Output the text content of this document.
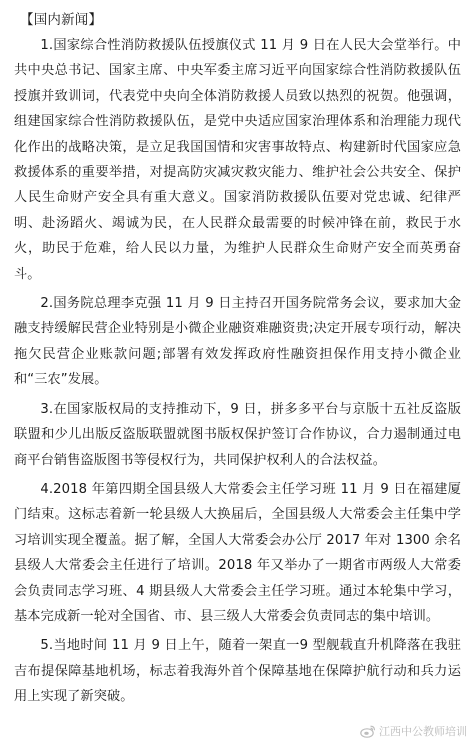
【国内新闻】

1.国家综合性消防救援队伍授旗仪式 11 月 9 日在人民大会堂举行。中共中央总书记、国家主席、中央军委主席习近平向国家综合性消防救援队伍授旗并致训词，代表党中央向全体消防救援人员致以热烈的祝贺。他强调，组建国家综合性消防救援队伍，是党中央适应国家治理体系和治理能力现代化作出的战略决策，是立足我国国情和灾害事故特点、构建新时代国家应急救援体系的重要举措，对提高防灾减灾救灾能力、维护社会公共安全、保护人民生命财产安全具有重大意义。国家消防救援队伍要对党忠诚、纪律严明、赴汤蹈火、竭诚为民，在人民群众最需要的时候冲锋在前，救民于水火，助民于危难，给人民以力量，为维护人民群众生命财产安全而英勇奋斗。

2.国务院总理李克强 11 月 9 日主持召开国务院常务会议，要求加大金融支持缓解民营企业特别是小微企业融资难融资贵;决定开展专项行动，解决拖欠民营企业账款问题;部署有效发挥政府性融资担保作用支持小微企业和“三农”发展。

3.在国家版权局的支持推动下，9 日，拼多多平台与京版十五社反盗版联盟和少儿出版反盗版联盟就图书版权保护签订合作协议，合力遏制通过电商平台销售盗版图书等侵权行为，共同保护权利人的合法权益。

4.2018 年第四期全国县级人大常委会主任学习班 11 月 9 日在福建厦门结束。这标志着新一轮县级人大换届后，全国县级人大常委会主任集中学习培训实现全覆盖。据了解，全国人大常委会办公厅 2017 年对 1300 余名县级人大常委会主任进行了培训。2018 年又举办了一期省市两级人大常委会负责同志学习班、4 期县级人大常委会主任学习班。通过本轮集中学习，基本完成新一轮对全国省、市、县三级人大常委会负责同志的集中培训。

5.当地时间 11 月 9 日上午，随着一架直一9 型舰载直升机降落在我驻吉布提保障基地机场，标志着我海外首个保障基地在保障护航行动和兵力运用上实现了新突破。

江西中公教师培训
